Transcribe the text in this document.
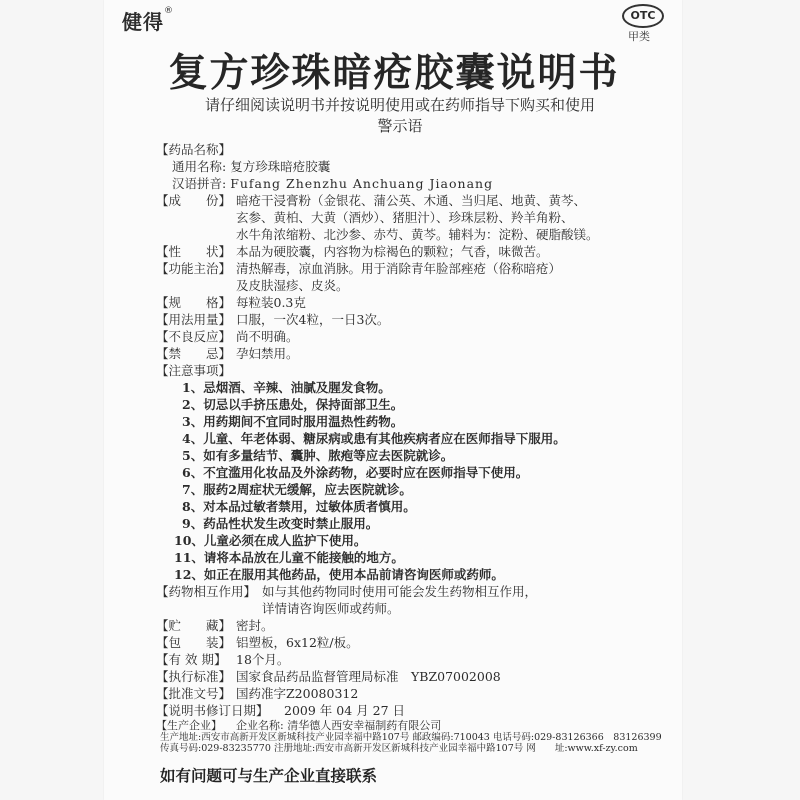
健得®	OTC
甲类
复方珍珠暗疮胶囊说明书
请仔细阅读说明书并按说明使用或在药师指导下购买和使用
警示语
【药品名称】
通用名称: 复方珍珠暗疮胶囊
汉语拼音: Fufang Zhenzhu Anchuang Jiaonang
【成　　份】 暗疮干浸膏粉（金银花、蒲公英、木通、当归尾、地黄、黄芩、
玄参、黄柏、大黄（酒炒）、猪胆汁）、珍珠层粉、羚羊角粉、
水牛角浓缩粉、北沙参、赤芍、黄芩。辅料为：淀粉、硬脂酸镁。
【性　　状】 本品为硬胶囊，内容物为棕褐色的颗粒；气香，味微苦。
【功能主治】 清热解毒，凉血消脉。用于消除青年脸部痤疮（俗称暗疮）
及皮肤湿疹、皮炎。
【规　　格】 每粒装0.3克
【用法用量】 口服，一次4粒，一日3次。
【不良反应】 尚不明确。
【禁　　忌】 孕妇禁用。
【注意事项】
1、忌烟酒、辛辣、油腻及腥发食物。
2、切忌以手挤压患处，保持面部卫生。
3、用药期间不宜同时服用温热性药物。
4、儿童、年老体弱、糖尿病或患有其他疾病者应在医师指导下服用。
5、如有多量结节、囊肿、脓疱等应去医院就诊。
6、不宜滥用化妆品及外涂药物，必要时应在医师指导下使用。
7、服药2周症状无缓解，应去医院就诊。
8、对本品过敏者禁用，过敏体质者慎用。
9、药品性状发生改变时禁止服用。
10、儿童必须在成人监护下使用。
11、请将本品放在儿童不能接触的地方。
12、如正在服用其他药品，使用本品前请咨询医师或药师。
【药物相互作用】 如与其他药物同时使用可能会发生药物相互作用，
详情请咨询医师或药师。
【贮　　藏】 密封。
【包　　装】 铝塑板，6x12粒/板。
【有 效 期】 18个月。
【执行标准】 国家食品药品监督管理局标准　YBZ07002008
【批准文号】 国药准字Z20080312
【说明书修订日期】 2009 年 04 月 27 日
【生产企业】 企业名称: 清华德人西安幸福制药有限公司
生产地址:西安市高新开发区新城科技产业园幸福中路107号 邮政编码:710043 电话号码:029-83126366　83126399
传真号码:029-83235770 注册地址:西安市高新开发区新城科技产业园幸福中路107号 网　　址:www.xf-zy.com
如有问题可与生产企业直接联系
